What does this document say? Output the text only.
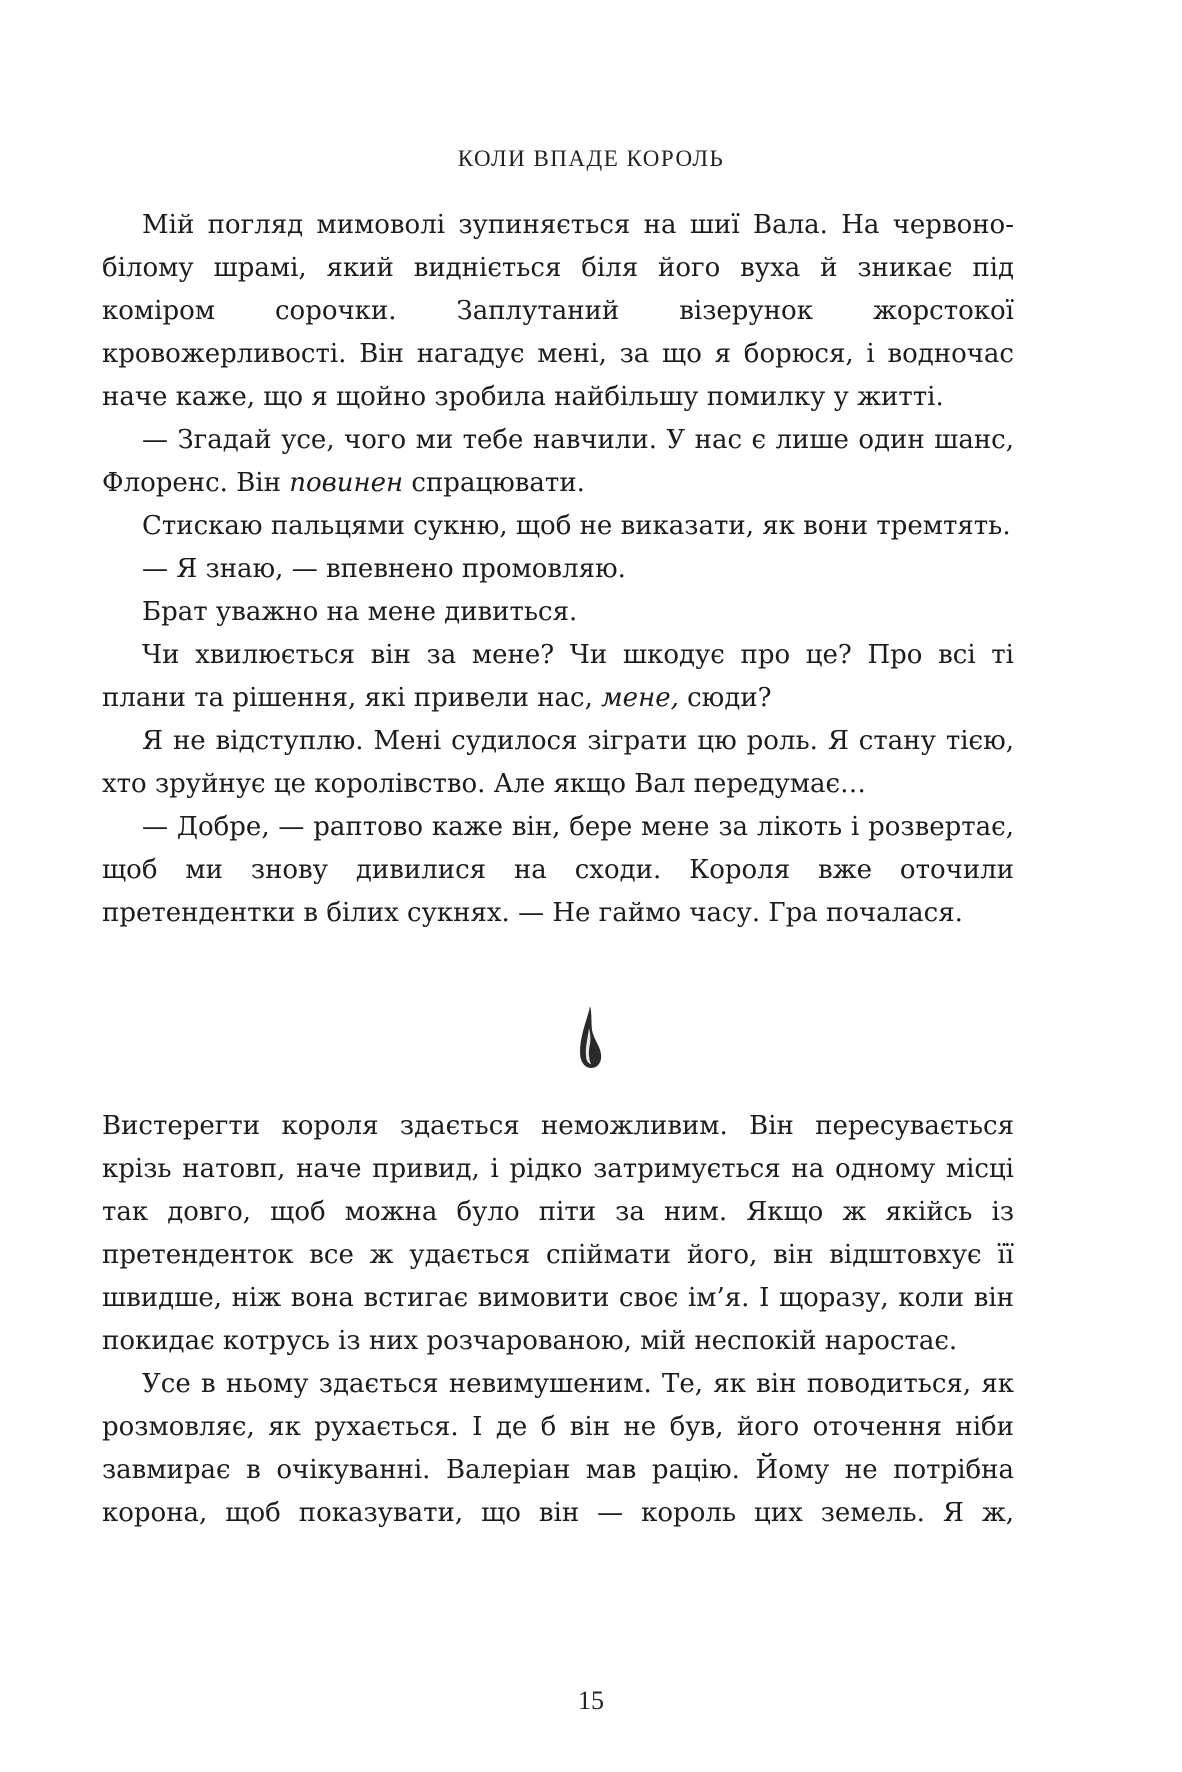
КОЛИ ВПАДЕ КОРОЛЬ

Мій погляд мимоволі зупиняється на шиї Вала. На червоно-білому шрамі, який видніється біля його вуха й зникає під коміром сорочки. Заплутаний візерунок жорстокої кровожерливості. Він нагадує мені, за що я борюся, і водночас наче каже, що я щойно зробила найбільшу помилку у житті.

— Згадай усе, чого ми тебе навчили. У нас є лише один шанс, Флоренс. Він повинен спрацювати.

Стискаю пальцями сукню, щоб не виказати, як вони тремтять.

— Я знаю, — впевнено промовляю.

Брат уважно на мене дивиться.

Чи хвилюється він за мене? Чи шкодує про це? Про всі ті плани та рішення, які привели нас, мене, сюди?

Я не відступлю. Мені судилося зіграти цю роль. Я стану тією, хто зруйнує це королівство. Але якщо Вал передумає…

— Добре, — раптово каже він, бере мене за лікоть і розвертає, щоб ми знову дивилися на сходи. Короля вже оточили претендентки в білих сукнях. — Не гаймо часу. Гра почалася.

Вистерегти короля здається неможливим. Він пересувається крізь натовп, наче привид, і рідко затримується на одному місці так довго, щоб можна було піти за ним. Якщо ж якійсь із претенденток все ж удається спіймати його, він відштовхує її швидше, ніж вона встигає вимовити своє ім’я. І щоразу, коли він покидає котрусь із них розчарованою, мій неспокій наростає.

Усе в ньому здається невимушеним. Те, як він поводиться, як розмовляє, як рухається. І де б він не був, його оточення ніби завмирає в очікуванні. Валеріан мав рацію. Йому не потрібна корона, щоб показувати, що він — король цих земель. Я ж,

15
